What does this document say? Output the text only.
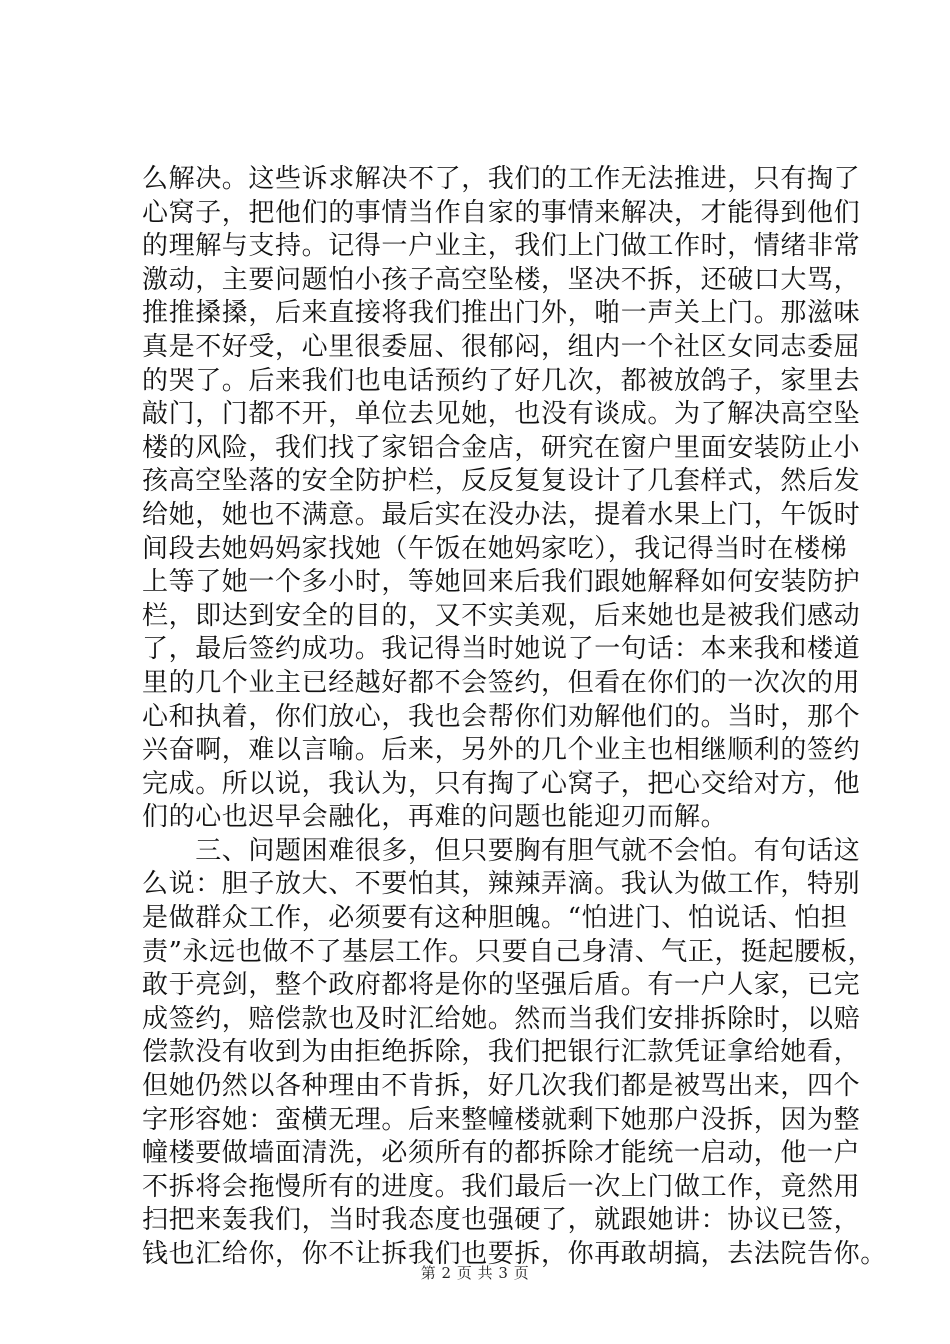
么解决。这些诉求解决不了，我们的工作无法推进，只有掏了
心窝子，把他们的事情当作自家的事情来解决，才能得到他们
的理解与支持。记得一户业主，我们上门做工作时，情绪非常
激动，主要问题怕小孩子高空坠楼，坚决不拆，还破口大骂，
推推搡搡，后来直接将我们推出门外，啪一声关上门。那滋味
真是不好受，心里很委屈、很郁闷，组内一个社区女同志委屈
的哭了。后来我们也电话预约了好几次，都被放鸽子，家里去
敲门，门都不开，单位去见她，也没有谈成。为了解决高空坠
楼的风险，我们找了家铝合金店，研究在窗户里面安装防止小
孩高空坠落的安全防护栏，反反复复设计了几套样式，然后发
给她，她也不满意。最后实在没办法，提着水果上门，午饭时
间段去她妈妈家找她（午饭在她妈家吃），我记得当时在楼梯
上等了她一个多小时，等她回来后我们跟她解释如何安装防护
栏，即达到安全的目的，又不实美观，后来她也是被我们感动
了，最后签约成功。我记得当时她说了一句话：本来我和楼道
里的几个业主已经越好都不会签约，但看在你们的一次次的用
心和执着，你们放心，我也会帮你们劝解他们的。当时，那个
兴奋啊，难以言喻。后来，另外的几个业主也相继顺利的签约
完成。所以说，我认为，只有掏了心窝子，把心交给对方，他
们的心也迟早会融化，再难的问题也能迎刃而解。
　　三、问题困难很多，但只要胸有胆气就不会怕。有句话这
么说：胆子放大、不要怕其，辣辣弄滴。我认为做工作，特别
是做群众工作，必须要有这种胆魄。“怕进门、怕说话、怕担
责”永远也做不了基层工作。只要自己身清、气正，挺起腰板，
敢于亮剑，整个政府都将是你的坚强后盾。有一户人家，已完
成签约，赔偿款也及时汇给她。然而当我们安排拆除时，以赔
偿款没有收到为由拒绝拆除，我们把银行汇款凭证拿给她看，
但她仍然以各种理由不肯拆，好几次我们都是被骂出来，四个
字形容她：蛮横无理。后来整幢楼就剩下她那户没拆，因为整
幢楼要做墙面清洗，必须所有的都拆除才能统一启动，他一户
不拆将会拖慢所有的进度。我们最后一次上门做工作，竟然用
扫把来轰我们，当时我态度也强硬了，就跟她讲：协议已签，
钱也汇给你，你不让拆我们也要拆，你再敢胡搞，去法院告你。
第 2 页 共 3 页
